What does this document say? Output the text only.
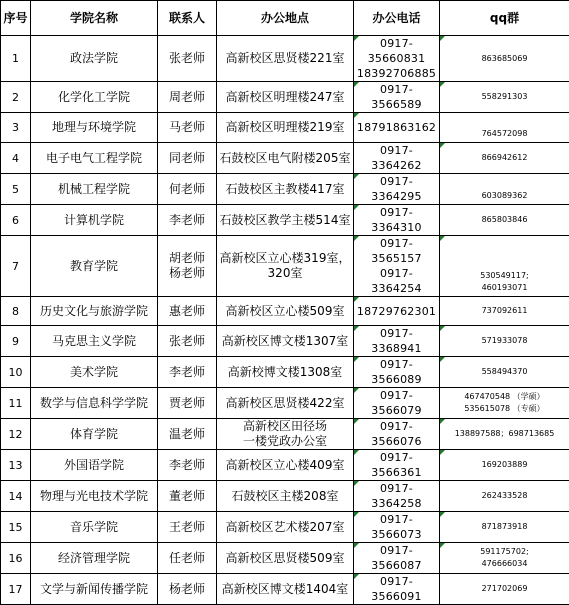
序号	学院名称	联系人	办公地点	办公电话	qq群
1	政法学院	张老师	高新校区思贤楼221室	0917-35660831
18392706885	863685069

2	化学化工学院	周老师	高新校区明理楼247室	0917-3566589	558291303

3	地理与环境学院	马老师	高新校区明理楼219室	18791863162	764572098

4	电子电气工程学院	同老师	石鼓校区电气附楼205室	0917-3364262	866942612

5	机械工程学院	何老师	石鼓校区主教楼417室	0917-3364295	603089362

6	计算机学院	李老师	石鼓校区教学主楼514室	0917-3364310	865803846

7	教育学院	胡老师
杨老师	高新校区立心楼319室，
320室	0917-3565157
0917-3364254	530549117;
460193071

8	历史文化与旅游学院	惠老师	高新校区立心楼509室	18729762301	737092611

9	马克思主义学院	张老师	高新校区博文楼1307室	0917-3368941	571933078

10	美术学院	李老师	高新校博文楼1308室	0917-3566089	558494370

11	数学与信息科学学院	贾老师	高新校区思贤楼422室	0917-3566079	467470548 （学硕）
535615078 （专硕）

12	体育学院	温老师	高新校区田径场
一楼党政办公室	0917-3566076	138897588；698713685

13	外国语学院	李老师	高新校区立心楼409室	0917-3566361	169203889

14	物理与光电技术学院	董老师	石鼓校区主楼208室	0917-3364258	262433528

15	音乐学院	王老师	高新校区艺术楼207室	0917-3566073	871873918

16	经济管理学院	任老师	高新校区思贤楼509室	0917-3566087	591175702;
476666034

17	文学与新闻传播学院	杨老师	高新校区博文楼1404室	0917-3566091	271702069
